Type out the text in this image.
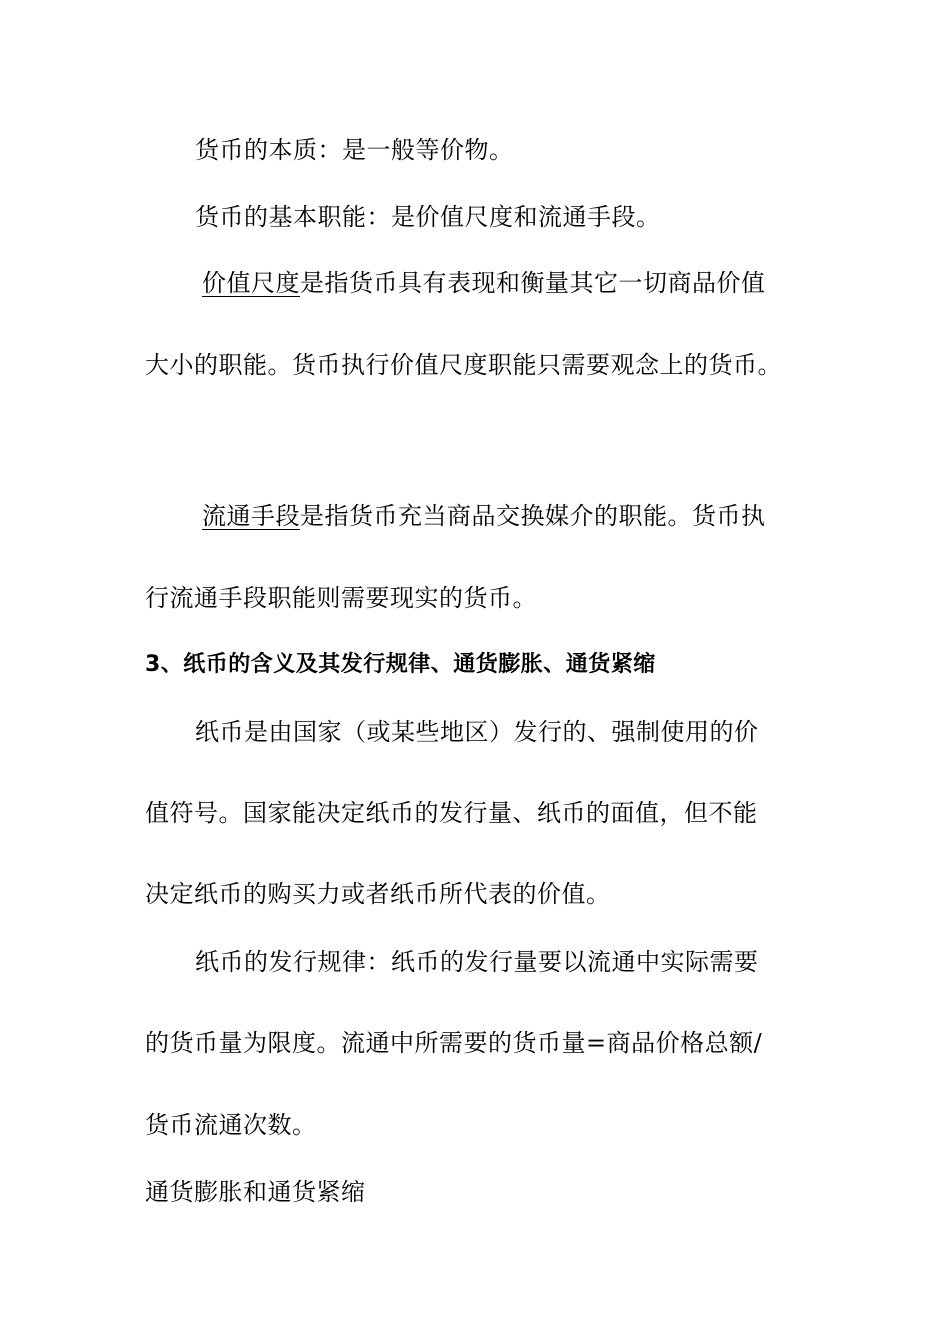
货币的本质：是一般等价物。
货币的基本职能：是价值尺度和流通手段。
价值尺度是指货币具有表现和衡量其它一切商品价值
大小的职能。货币执行价值尺度职能只需要观念上的货币。
流通手段是指货币充当商品交换媒介的职能。货币执
行流通手段职能则需要现实的货币。
3、纸币的含义及其发行规律、通货膨胀、通货紧缩
纸币是由国家（或某些地区）发行的、强制使用的价
值符号。国家能决定纸币的发行量、纸币的面值，但不能
决定纸币的购买力或者纸币所代表的价值。
纸币的发行规律：纸币的发行量要以流通中实际需要
的货币量为限度。流通中所需要的货币量=商品价格总额/
货币流通次数。
通货膨胀和通货紧缩
